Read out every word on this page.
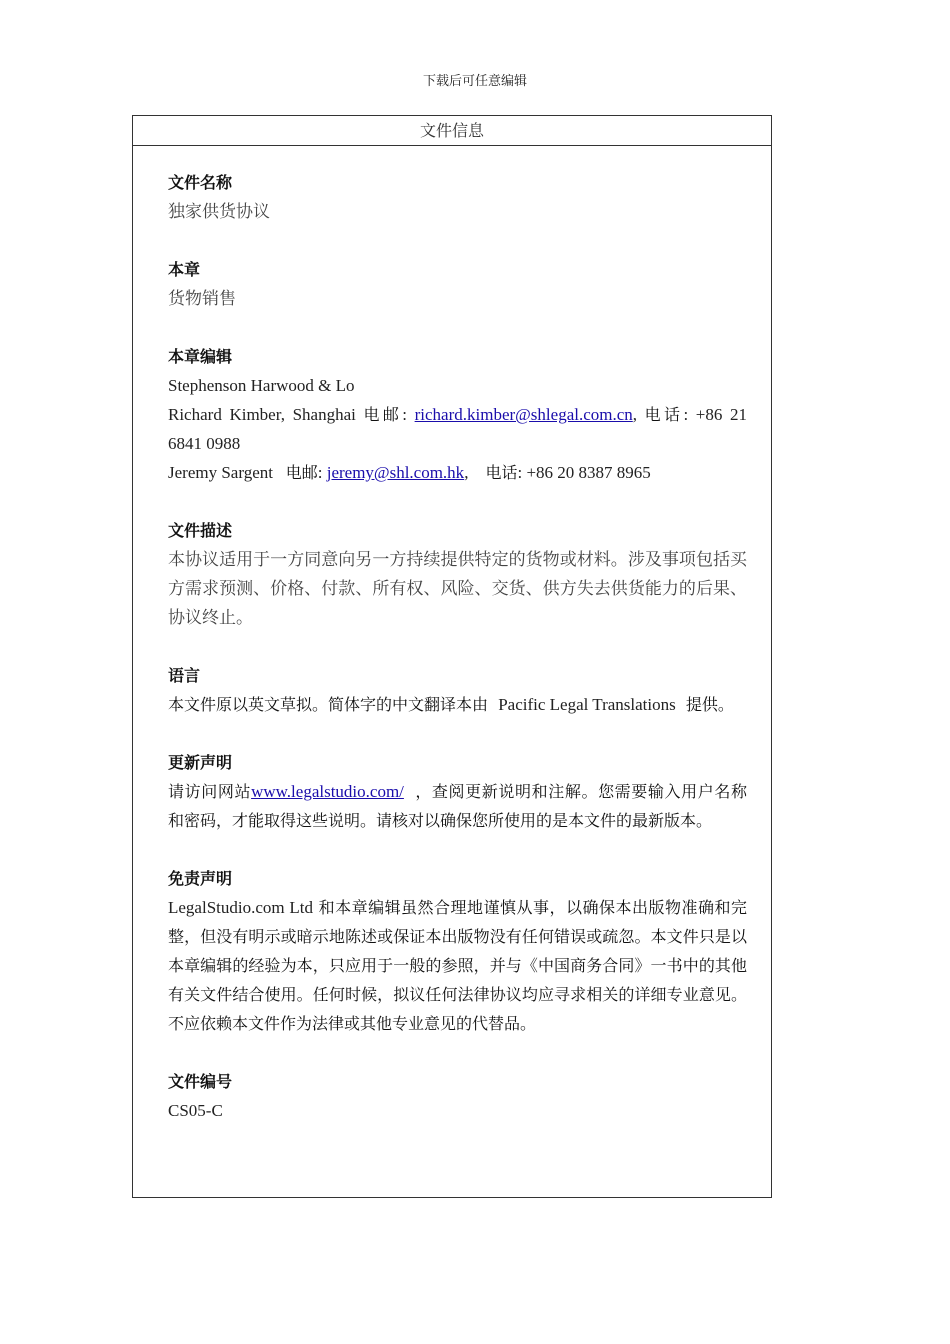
下载后可任意编辑
文件信息
文件名称
独家供货协议
本章
货物销售
本章编辑
Stephenson Harwood & Lo
Richard Kimber, Shanghai 电邮: richard.kimber@shlegal.com.cn, 电话: +86 21 6841 0988
Jeremy Sargent 电邮: jeremy@shl.com.hk,    电话: +86 20 8387 8965
文件描述
本协议适用于一方同意向另一方持续提供特定的货物或材料。涉及事项包括买方需求预测、价格、付款、所有权、风险、交货、供方失去供货能力的后果、协议终止。
语言
本文件原以英文草拟。简体字的中文翻译本由 Pacific Legal Translations 提供。
更新声明
请访问网站www.legalstudio.com/ ，查阅更新说明和注解。您需要输入用户名称和密码，才能取得这些说明。请核对以确保您所使用的是本文件的最新版本。
免责声明
LegalStudio.com Ltd 和本章编辑虽然合理地谨慎从事，以确保本出版物准确和完整，但没有明示或暗示地陈述或保证本出版物没有任何错误或疏忽。本文件只是以本章编辑的经验为本，只应用于一般的参照，并与《中国商务合同》一书中的其他有关文件结合使用。任何时候，拟议任何法律协议均应寻求相关的详细专业意见。不应依赖本文件作为法律或其他专业意见的代替品。
文件编号
CS05-C
